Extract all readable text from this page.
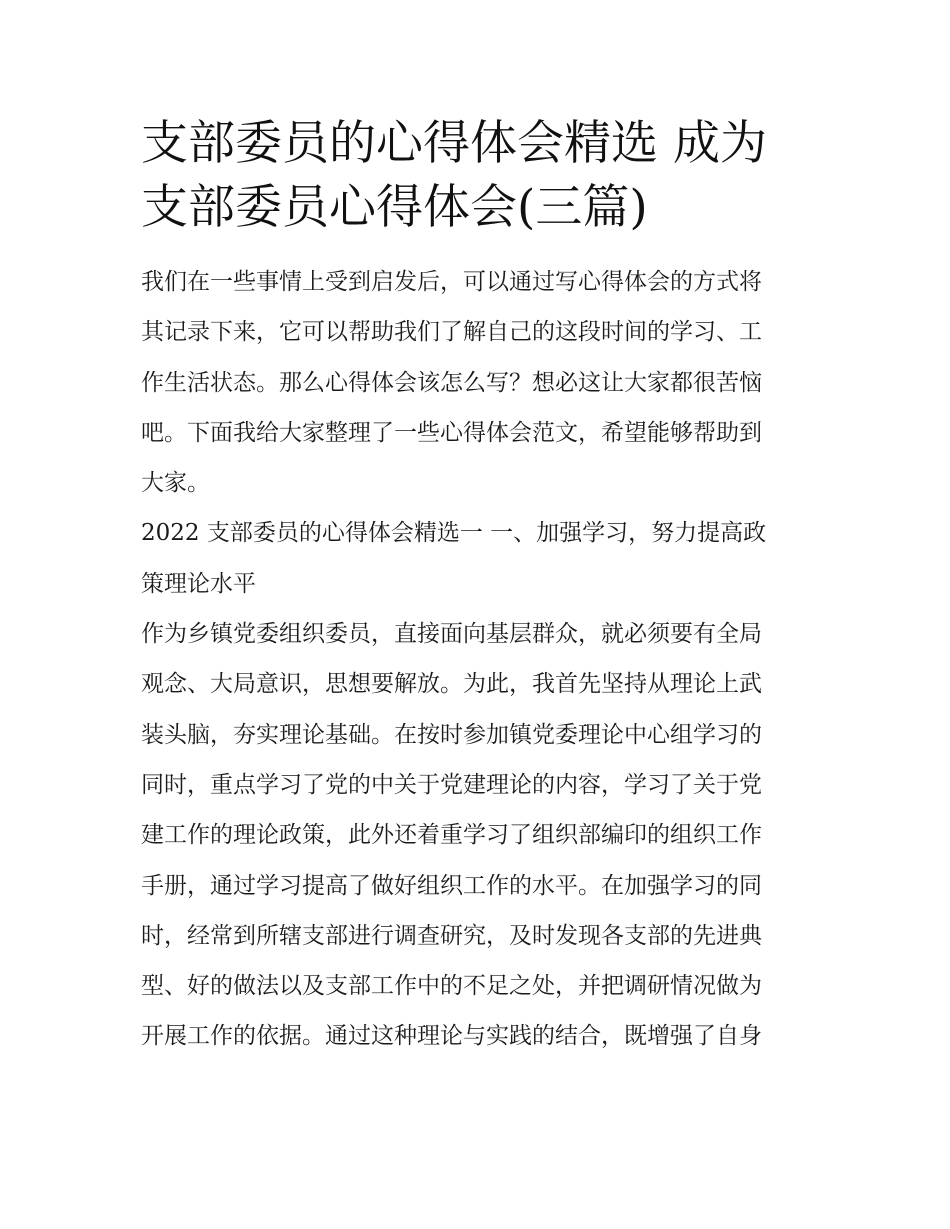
支部委员的心得体会精选 成为
支部委员心得体会(三篇)
我们在一些事情上受到启发后，可以通过写心得体会的方式将
其记录下来，它可以帮助我们了解自己的这段时间的学习、工
作生活状态。那么心得体会该怎么写？想必这让大家都很苦恼
吧。下面我给大家整理了一些心得体会范文，希望能够帮助到
大家。
2022 支部委员的心得体会精选一 一、加强学习，努力提高政
策理论水平
作为乡镇党委组织委员，直接面向基层群众，就必须要有全局
观念、大局意识，思想要解放。为此，我首先坚持从理论上武
装头脑，夯实理论基础。在按时参加镇党委理论中心组学习的
同时，重点学习了党的中关于党建理论的内容，学习了关于党
建工作的理论政策，此外还着重学习了组织部编印的组织工作
手册，通过学习提高了做好组织工作的水平。在加强学习的同
时，经常到所辖支部进行调查研究，及时发现各支部的先进典
型、好的做法以及支部工作中的不足之处，并把调研情况做为
开展工作的依据。通过这种理论与实践的结合，既增强了自身
